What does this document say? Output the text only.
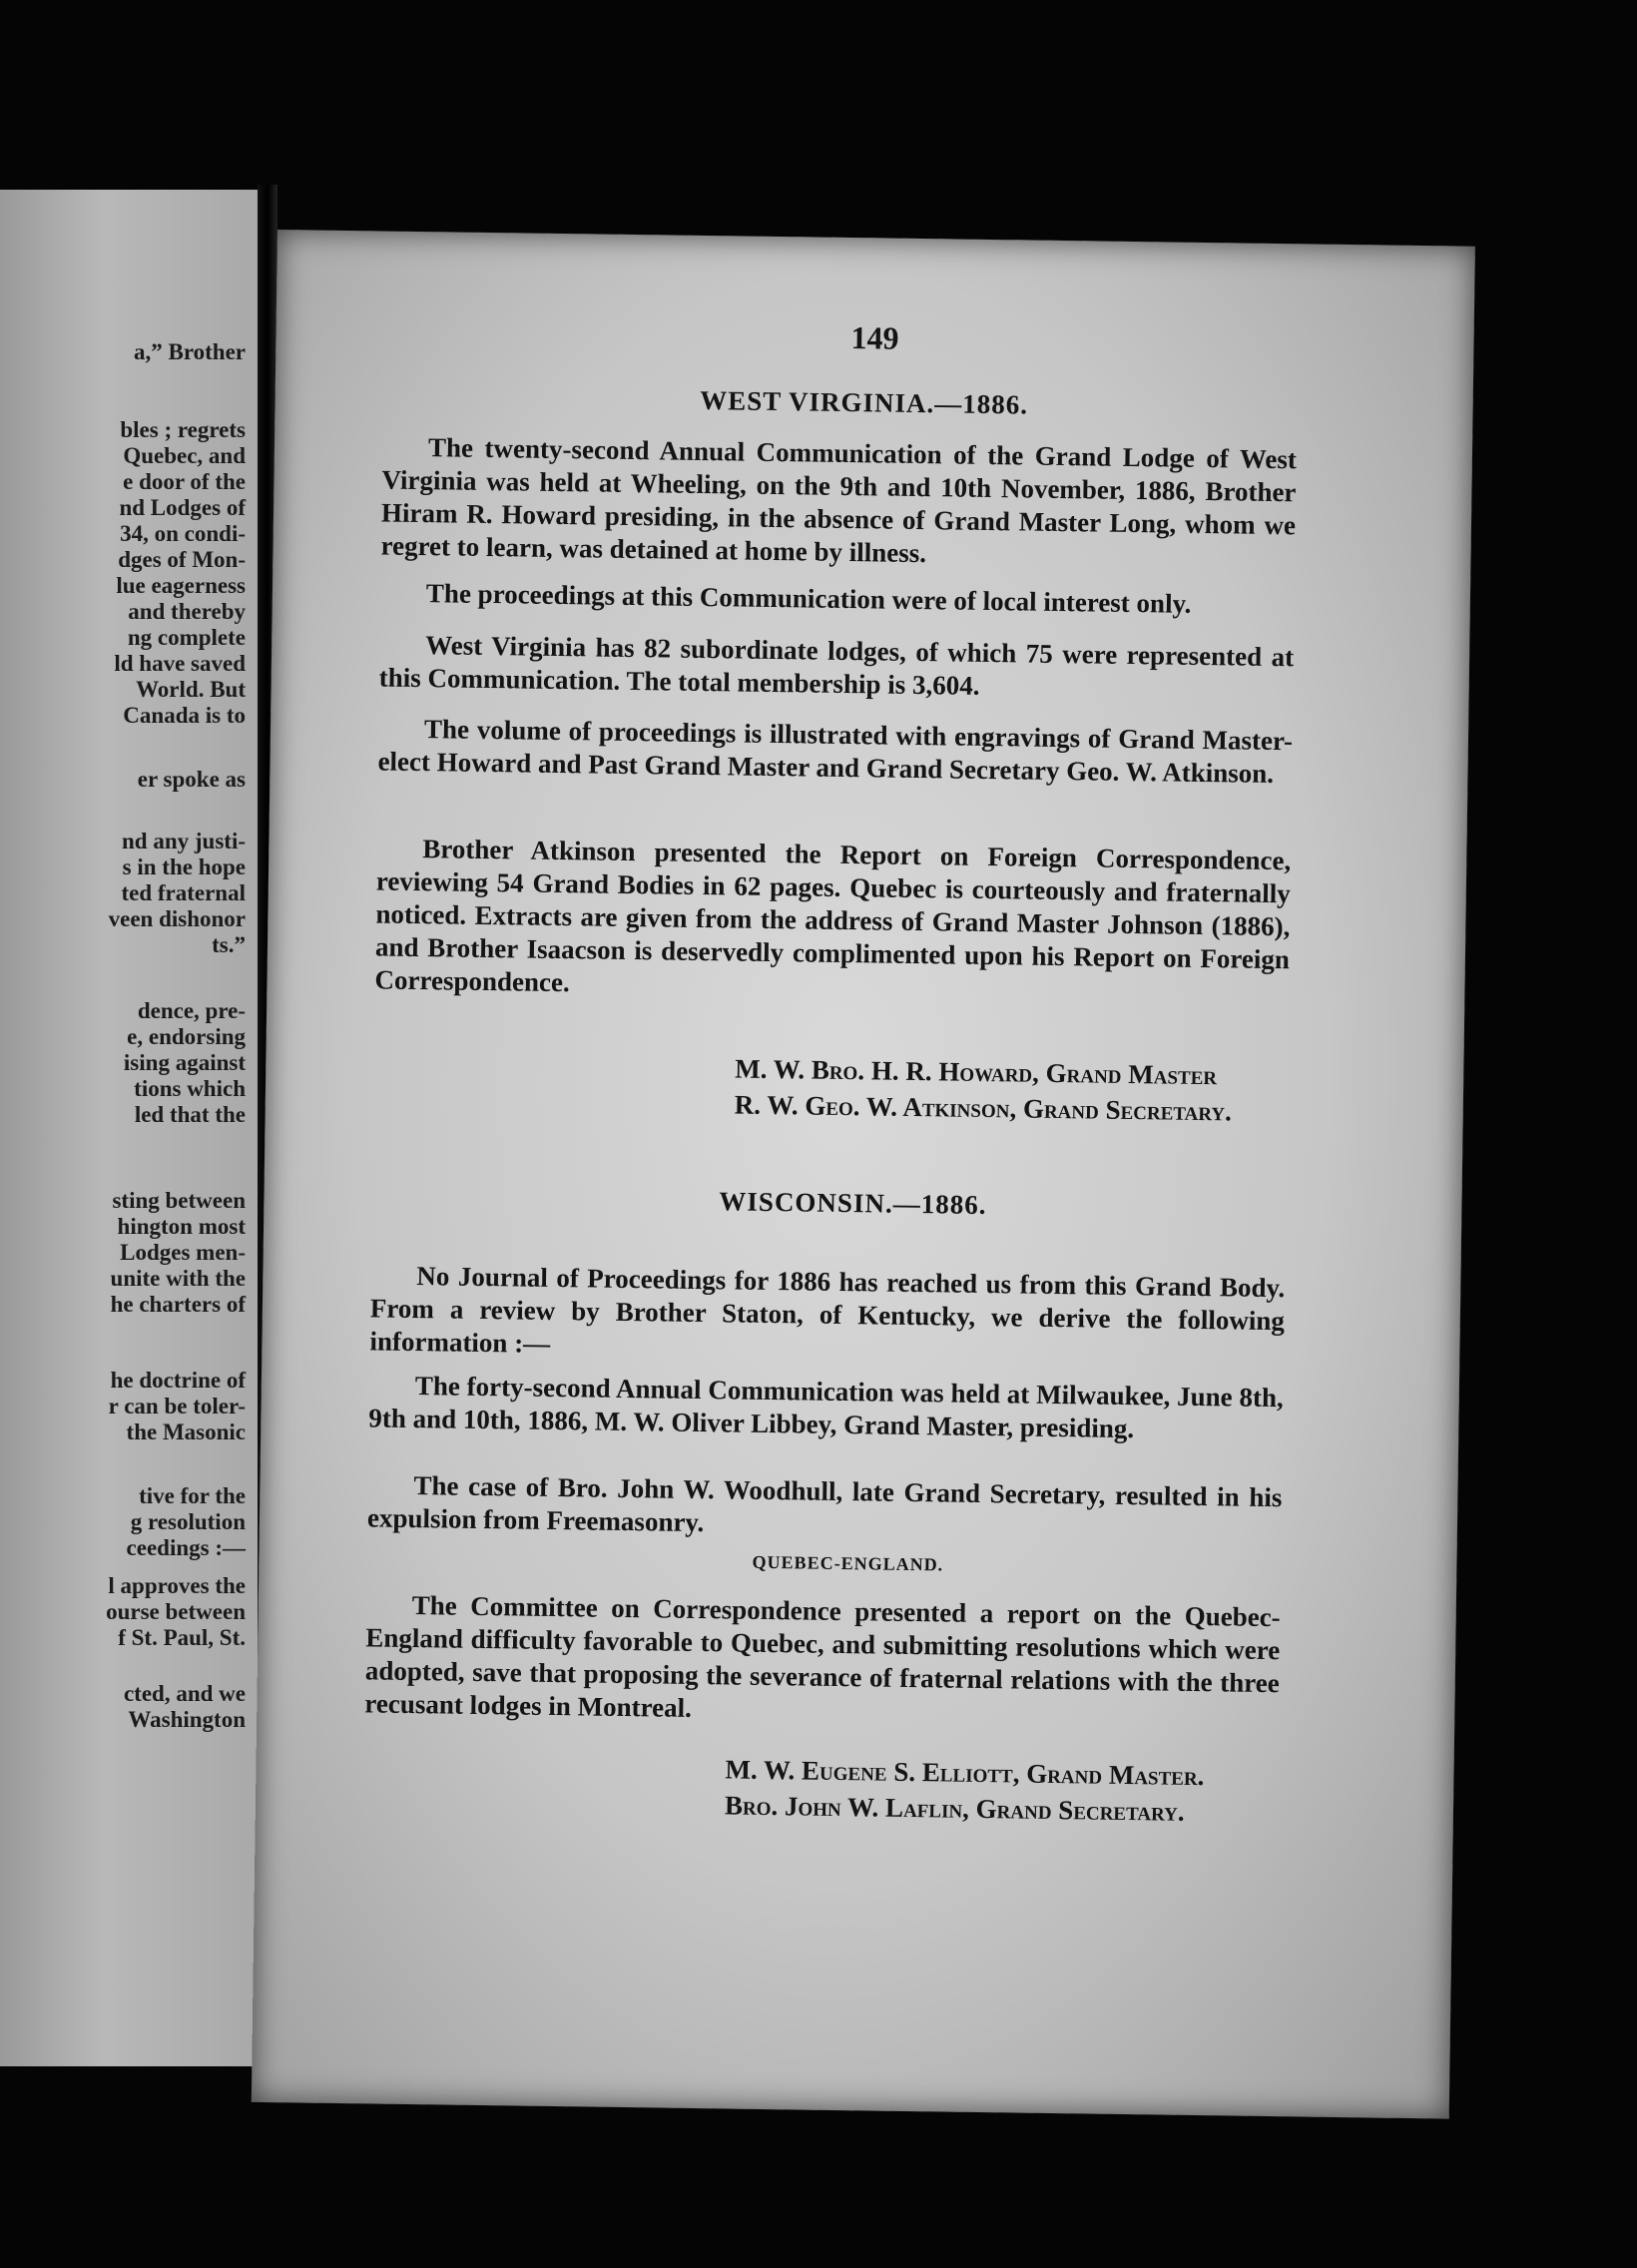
a,” Brother
bles ; regrets
Quebec, and
e door of the
nd Lodges of
34, on condi-
dges of Mon-
lue eagerness
and thereby
ng complete
ld have saved
World. But
Canada is to
er spoke as
nd any justi-
s in the hope
ted fraternal
veen dishonor
ts.”
dence, pre-
e, endorsing
ising against
tions which
led that the
sting between
hington most
Lodges men-
unite with the
he charters of
he doctrine of
r can be toler-
the Masonic
tive for the
g resolution
ceedings :—
l approves the
ourse between
f St. Paul, St.
cted, and we
Washington
149
WEST VIRGINIA.—1886.
The twenty-second Annual Communication of the Grand Lodge of West Virginia was held at Wheeling, on the 9th and 10th November, 1886, Brother Hiram R. Howard presiding, in the absence of Grand Master Long, whom we regret to learn, was detained at home by illness.
The proceedings at this Communication were of local interest only.
West Virginia has 82 subordinate lodges, of which 75 were represented at this Communication. The total membership is 3,604.
The volume of proceedings is illustrated with engravings of Grand Master-elect Howard and Past Grand Master and Grand Secretary Geo. W. Atkinson.
Brother Atkinson presented the Report on Foreign Correspondence, reviewing 54 Grand Bodies in 62 pages. Quebec is courteously and fraternally noticed. Extracts are given from the address of Grand Master Johnson (1886), and Brother Isaacson is deservedly complimented upon his Report on Foreign Correspondence.
M. W. Bro. H. R. Howard, Grand Master
R. W. Geo. W. Atkinson, Grand Secretary.
WISCONSIN.—1886.
No Journal of Proceedings for 1886 has reached us from this Grand Body. From a review by Brother Staton, of Kentucky, we derive the following information :—
The forty-second Annual Communication was held at Milwaukee, June 8th, 9th and 10th, 1886, M. W. Oliver Libbey, Grand Master, presiding.
The case of Bro. John W. Woodhull, late Grand Secretary, resulted in his expulsion from Freemasonry.
QUEBEC-ENGLAND.
The Committee on Correspondence presented a report on the Quebec-England difficulty favorable to Quebec, and submitting resolutions which were adopted, save that proposing the severance of fraternal relations with the three recusant lodges in Montreal.
M. W. Eugene S. Elliott, Grand Master.
Bro. John W. Laflin, Grand Secretary.
